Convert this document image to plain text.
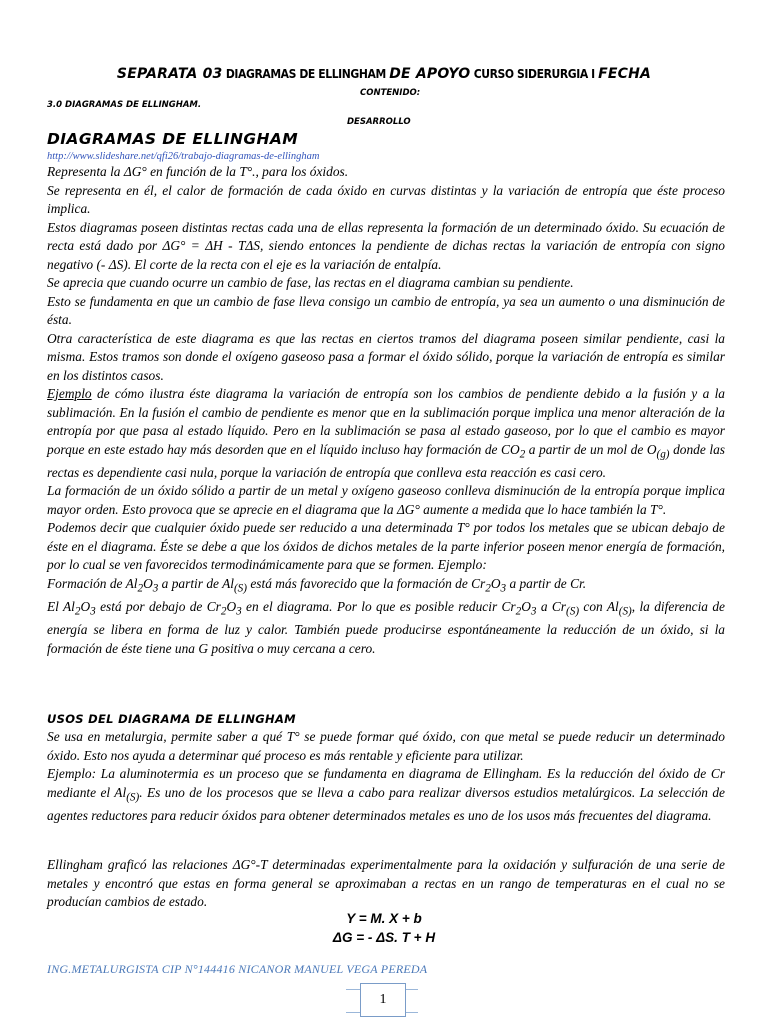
SEPARATA 03 DIAGRAMAS DE ELLINGHAM DE APOYO CURSO SIDERURGIA I FECHA
CONTENIDO:
3.0 DIAGRAMAS DE ELLINGHAM.
DESARROLLO
DIAGRAMAS DE ELLINGHAM
http://www.slideshare.net/qfi26/trabajo-diagramas-de-ellingham

Representa la ΔG° en función de la T°., para los óxidos.

Se representa en él, el calor de formación de cada óxido en curvas distintas y la variación de entropía que éste proceso implica.

Estos diagramas poseen distintas rectas cada una de ellas representa la formación de un determinado óxido. Su ecuación de recta está dado por ΔG° = ΔH - TΔS, siendo entonces la pendiente de dichas rectas la variación de entropía con signo negativo (- ΔS). El corte de la recta con el eje es la variación de entalpía.

Se aprecia que cuando ocurre un cambio de fase, las rectas en el diagrama cambian su pendiente.

Esto se fundamenta en que un cambio de fase lleva consigo un cambio de entropía, ya sea un aumento o una disminución de ésta.

Otra característica de este diagrama es que las rectas en ciertos tramos del diagrama poseen similar pendiente, casi la misma. Estos tramos son donde el oxígeno gaseoso pasa a formar el óxido sólido, porque la variación de entropía es similar en los distintos casos.

Ejemplo de cómo ilustra éste diagrama la variación de entropía son los cambios de pendiente debido a la fusión y a la sublimación. En la fusión el cambio de pendiente es menor que en la sublimación porque implica una menor alteración de la entropía por que pasa al estado líquido. Pero en la sublimación se pasa al estado gaseoso, por lo que el cambio es mayor porque en este estado hay más desorden que en el líquido incluso hay formación de $CO_2$ a partir de un mol de $O_{(g)}$ donde las rectas es dependiente casi nula, porque la variación de entropía que conlleva esta reacción es casi cero.

La formación de un óxido sólido a partir de un metal y oxígeno gaseoso conlleva disminución de la entropía porque implica mayor orden. Esto provoca que se aprecie en el diagrama que la ΔG° aumente a medida que lo hace también la T°.

Podemos decir que cualquier óxido puede ser reducido a una determinada T° por todos los metales que se ubican debajo de éste en el diagrama. Éste se debe a que los óxidos de dichos metales de la parte inferior poseen menor energía de formación, por lo cual se ven favorecidos termodinámicamente para que se formen. Ejemplo:

Formación de $Al_2O_3$ a partir de $Al_{(S)}$ está más favorecido que la formación de $Cr_2O_3$ a partir de Cr.

El $Al_2O_3$ está por debajo de $Cr_2O_3$ en el diagrama. Por lo que es posible reducir $Cr_2O_3$ a $Cr_{(S)}$ con $Al_{(S)}$, la diferencia de energía se libera en forma de luz y calor. También puede producirse espontáneamente la reducción de un óxido, si la formación de éste tiene una G positiva o muy cercana a cero.

USOS DEL DIAGRAMA DE ELLINGHAM

Se usa en metalurgia, permite saber a qué T° se puede formar qué óxido, con que metal se puede reducir un determinado óxido. Esto nos ayuda a determinar qué proceso es más rentable y eficiente para utilizar.

Ejemplo: La aluminotermia es un proceso que se fundamenta en diagrama de Ellingham. Es la reducción del óxido de Cr mediante el $Al_{(S)}$. Es uno de los procesos que se lleva a cabo para realizar diversos estudios metalúrgicos. La selección de agentes reductores para reducir óxidos para obtener determinados metales es uno de los usos más frecuentes del diagrama.

Ellingham graficó las relaciones ΔG°-T determinadas experimentalmente para la oxidación y sulfuración de una serie de metales y encontró que estas en forma general se aproximaban a rectas en un rango de temperaturas en el cual no se producían cambios de estado.

Y = M. X + b
ΔG = - ΔS. T + H
ING.METALURGISTA CIP N°144416 NICANOR MANUEL VEGA PEREDA
1
